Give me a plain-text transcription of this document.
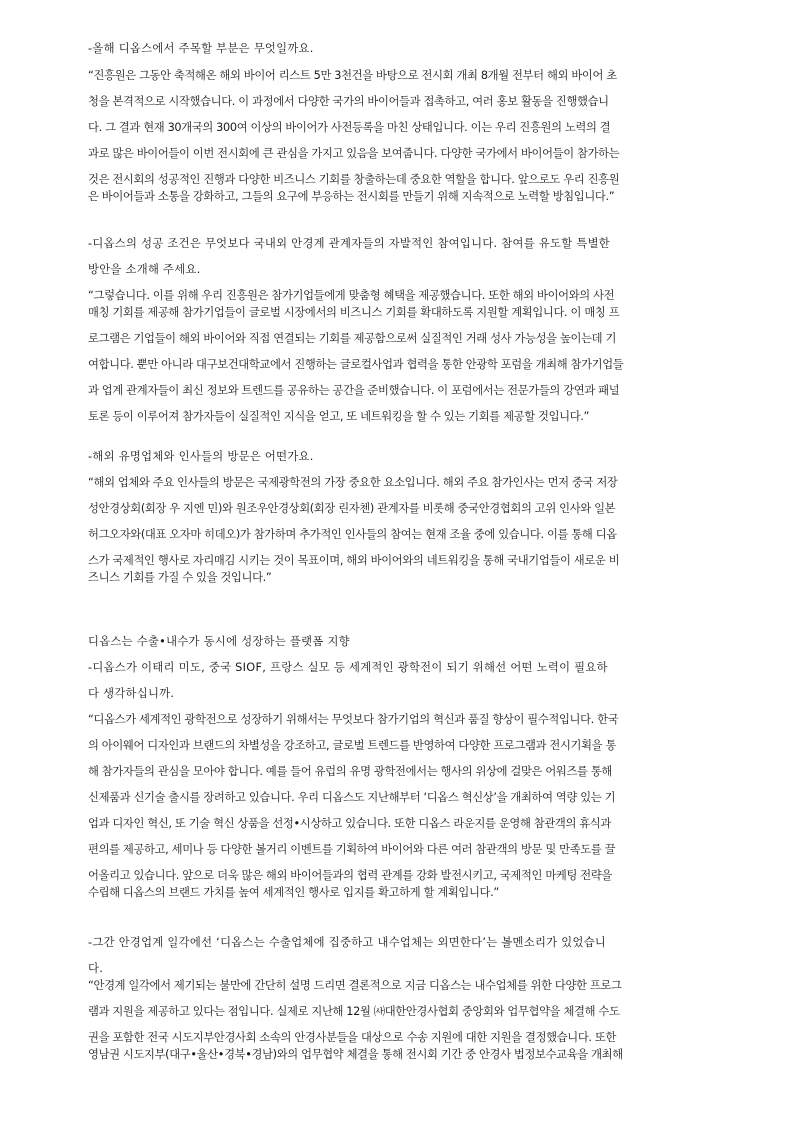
-올해 디옵스에서 주목할 부분은 무엇일까요.

“진흥원은 그동안 축적해온 해외 바이어 리스트 5만 3천건을 바탕으로 전시회 개최 8개월 전부터 해외 바이어 초

청을 본격적으로 시작했습니다. 이 과정에서 다양한 국가의 바이어들과 접촉하고, 여러 홍보 활동을 진행했습니

다. 그 결과 현재 30개국의 300여 이상의 바이어가 사전등록을 마친 상태입니다. 이는 우리 진흥원의 노력의 결

과로 많은 바이어들이 이번 전시회에 큰 관심을 가지고 있음을 보여줍니다. 다양한 국가에서 바이어들이 참가하는

것은 전시회의 성공적인 진행과 다양한 비즈니스 기회를 창출하는데 중요한 역할을 합니다. 앞으로도 우리 진흥원

은 바이어들과 소통을 강화하고, 그들의 요구에 부응하는 전시회를 만들기 위해 지속적으로 노력할 방침입니다.”

-디옵스의 성공 조건은 무엇보다 국내외 안경계 관계자들의 자발적인 참여입니다. 참여를 유도할 특별한

방안을 소개해 주세요.

“그렇습니다. 이를 위해 우리 진흥원은 참가기업들에게 맞춤형 혜택을 제공했습니다. 또한 해외 바이어와의 사전

매칭 기회를 제공해 참가기업들이 글로벌 시장에서의 비즈니스 기회를 확대하도록 지원할 계획입니다. 이 매칭 프

로그램은 기업들이 해외 바이어와 직접 연결되는 기회를 제공함으로써 실질적인 거래 성사 가능성을 높이는데 기

여합니다. 뿐만 아니라 대구보건대학교에서 진행하는 글로컬사업과 협력을 통한 안광학 포럼을 개최해 참가기업들

과 업계 관계자들이 최신 정보와 트렌드를 공유하는 공간을 준비했습니다. 이 포럼에서는 전문가들의 강연과 패널

토론 등이 이루어져 참가자들이 실질적인 지식을 얻고, 또 네트워킹을 할 수 있는 기회를 제공할 것입니다.”

-해외 유명업체와 인사들의 방문은 어떤가요.

“해외 업체와 주요 인사들의 방문은 국제광학전의 가장 중요한 요소입니다. 해외 주요 참가인사는 먼저 중국 저장

성안경상회(회장 우 지엔 민)와 원조우안경상회(회장 린자첸) 관계자를 비롯해 중국안경협회의 고위 인사와 일본

허그오자와(대표 오자마 히데오)가 참가하며 추가적인 인사들의 참여는 현재 조율 중에 있습니다. 이를 통해 디옵

스가 국제적인 행사로 자리매김 시키는 것이 목표이며, 해외 바이어와의 네트워킹을 통해 국내기업들이 새로운 비

즈니스 기회를 가질 수 있을 것입니다.”

디옵스는 수출•내수가 동시에 성장하는 플랫폼 지향

-디옵스가 이태리 미도, 중국 SIOF, 프랑스 실모 등 세계적인 광학전이 되기 위해선 어떤 노력이 필요하

다 생각하십니까.

“디옵스가 세계적인 광학전으로 성장하기 위해서는 무엇보다 참가기업의 혁신과 품질 향상이 필수적입니다. 한국

의 아이웨어 디자인과 브랜드의 차별성을 강조하고, 글로벌 트렌드를 반영하여 다양한 프로그램과 전시기획을 통

해 참가자들의 관심을 모아야 합니다. 예를 들어 유럽의 유명 광학전에서는 행사의 위상에 걸맞은 어워즈를 통해

신제품과 신기술 출시를 장려하고 있습니다. 우리 디옵스도 지난해부터 ‘디옵스 혁신상’을 개최하여 역량 있는 기

업과 디자인 혁신, 또 기술 혁신 상품을 선정•시상하고 있습니다. 또한 디옵스 라운지를 운영해 참관객의 휴식과

편의를 제공하고, 세미나 등 다양한 볼거리 이벤트를 기획하여 바이어와 다른 여러 참관객의 방문 및 만족도를 끌

어올리고 있습니다. 앞으로 더욱 많은 해외 바이어들과의 협력 관계를 강화 발전시키고, 국제적인 마케팅 전략을

수립해 디옵스의 브랜드 가치를 높여 세계적인 행사로 입지를 확고하게 할 계획입니다.”

-그간 안경업계 일각에선 ‘디옵스는 수출업체에 집중하고 내수업체는 외면한다’는 볼멘소리가 있었습니

다.

“안경계 일각에서 제기되는 불만에 간단히 설명 드리면 결론적으로 지금 디옵스는 내수업체를 위한 다양한 프로그

램과 지원을 제공하고 있다는 점입니다. 실제로 지난해 12월 ㈔대한안경사협회 중앙회와 업무협약을 체결해 수도

권을 포함한 전국 시도지부안경사회 소속의 안경사분들을 대상으로 수송 지원에 대한 지원을 결정했습니다. 또한

영남권 시도지부(대구•울산•경북•경남)와의 업무협약 체결을 통해 전시회 기간 중 안경사 법정보수교육을 개최해
